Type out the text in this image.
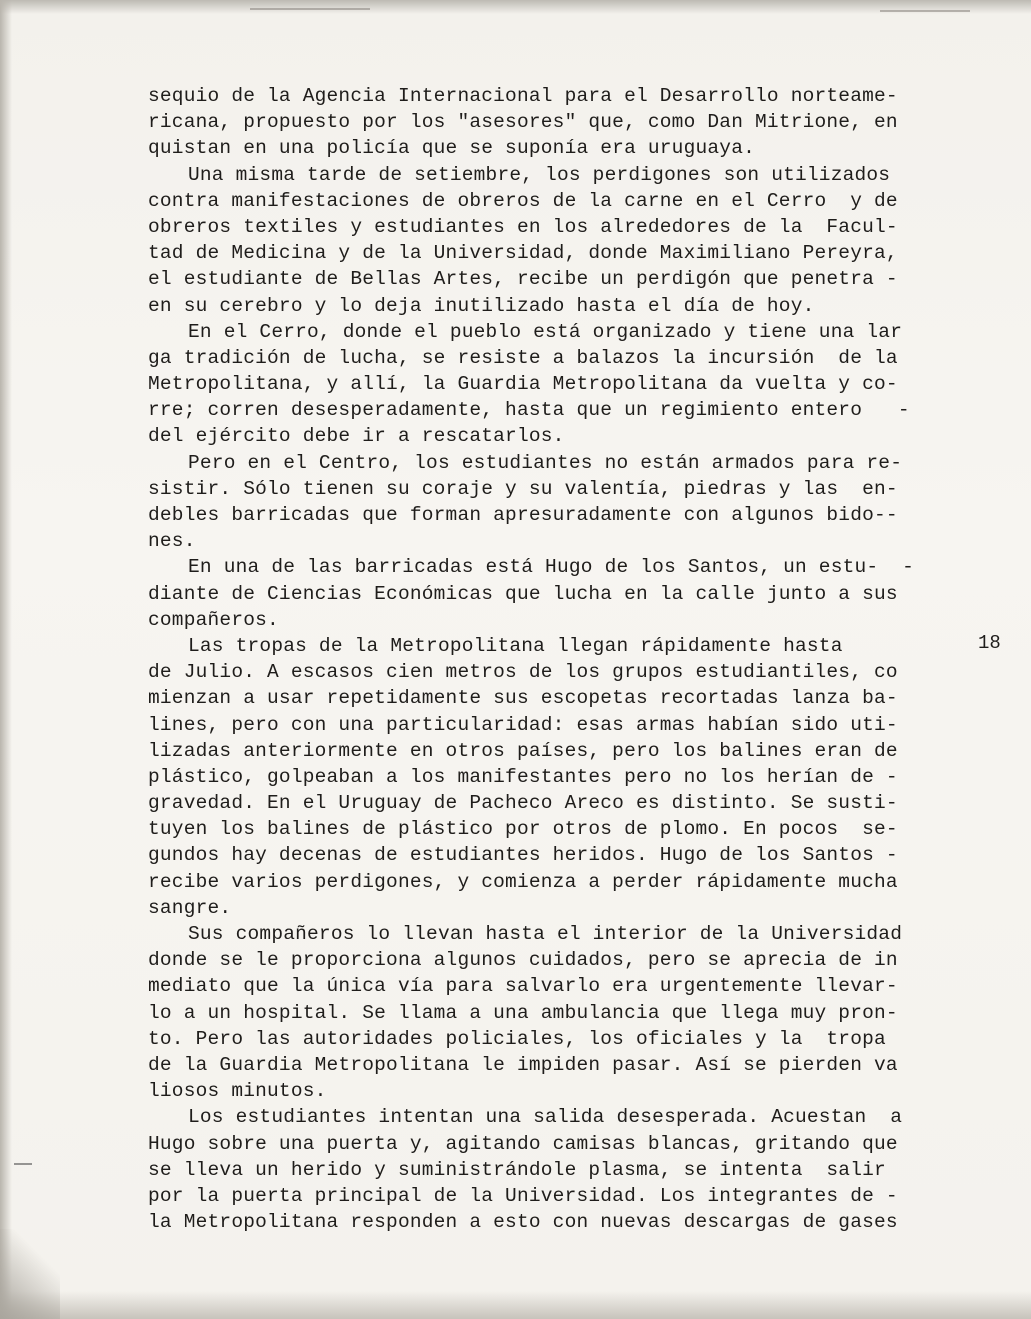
sequio de la Agencia Internacional para el Desarrollo norteame-
ricana, propuesto por los "asesores" que, como Dan Mitrione, en
quistan en una policía que se suponía era uruguaya.
Una misma tarde de setiembre, los perdigones son utilizados
contra manifestaciones de obreros de la carne en el Cerro  y de
obreros textiles y estudiantes en los alrededores de la  Facul-
tad de Medicina y de la Universidad, donde Maximiliano Pereyra,
el estudiante de Bellas Artes, recibe un perdigón que penetra -
en su cerebro y lo deja inutilizado hasta el día de hoy.
En el Cerro, donde el pueblo está organizado y tiene una lar
ga tradición de lucha, se resiste a balazos la incursión  de la
Metropolitana, y allí, la Guardia Metropolitana da vuelta y co-
rre; corren desesperadamente, hasta que un regimiento entero   -
del ejército debe ir a rescatarlos.
Pero en el Centro, los estudiantes no están armados para re-
sistir. Sólo tienen su coraje y su valentía, piedras y las  en-
debles barricadas que forman apresuradamente con algunos bido--
nes.
En una de las barricadas está Hugo de los Santos, un estu-  -
diante de Ciencias Económicas que lucha en la calle junto a sus
compañeros.
Las tropas de la Metropolitana llegan rápidamente hasta
de Julio. A escasos cien metros de los grupos estudiantiles, co
mienzan a usar repetidamente sus escopetas recortadas lanza ba-
lines, pero con una particularidad: esas armas habían sido uti-
lizadas anteriormente en otros países, pero los balines eran de
plástico, golpeaban a los manifestantes pero no los herían de -
gravedad. En el Uruguay de Pacheco Areco es distinto. Se susti-
tuyen los balines de plástico por otros de plomo. En pocos  se-
gundos hay decenas de estudiantes heridos. Hugo de los Santos -
recibe varios perdigones, y comienza a perder rápidamente mucha
sangre.
Sus compañeros lo llevan hasta el interior de la Universidad
donde se le proporciona algunos cuidados, pero se aprecia de in
mediato que la única vía para salvarlo era urgentemente llevar-
lo a un hospital. Se llama a una ambulancia que llega muy pron-
to. Pero las autoridades policiales, los oficiales y la  tropa
de la Guardia Metropolitana le impiden pasar. Así se pierden va
liosos minutos.
Los estudiantes intentan una salida desesperada. Acuestan  a
Hugo sobre una puerta y, agitando camisas blancas, gritando que
se lleva un herido y suministrándole plasma, se intenta  salir
por la puerta principal de la Universidad. Los integrantes de -
la Metropolitana responden a esto con nuevas descargas de gases
18
